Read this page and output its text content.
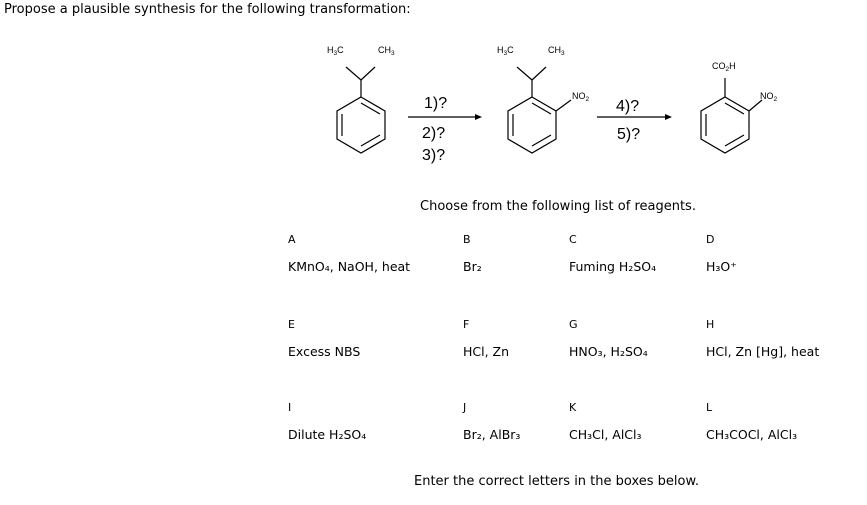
Propose a plausible synthesis for the following transformation:
$H_3C$	$CH_3$	$H_3C$	$CH_3$
$NO_2$
$CO_2H$
$NO_2$
1)?
2)?
3)?
4)?
5)?
Choose from the following list of reagents.
A
KMnO₄, NaOH, heat
B
Br₂
C
Fuming H₂SO₄
D
H₃O⁺
E
Excess NBS
F
HCl, Zn
G
HNO₃, H₂SO₄
H
HCl, Zn [Hg], heat
I
Dilute H₂SO₄
J
Br₂, AlBr₃
K
CH₃Cl, AlCl₃
L
CH₃COCl, AlCl₃
Enter the correct letters in the boxes below.
